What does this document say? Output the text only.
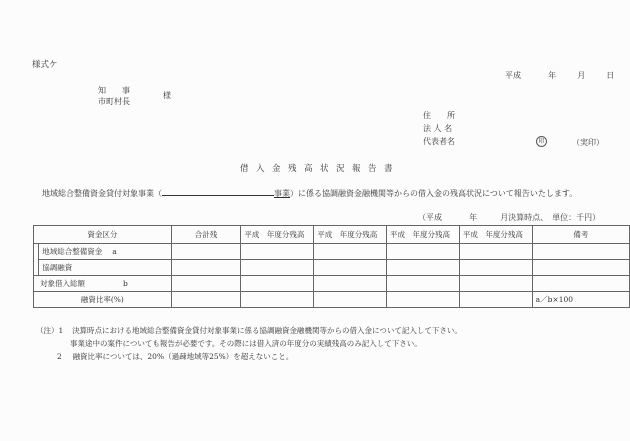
様式ケ
平成	年	月	日
知　　事
市町村長
様
住　　所
法 人 名
代表者名	印	（実印）
借入金残高状況報告書
地域総合整備資金貸付対象事業（	事業）に係る協調融資金融機関等からの借入金の残高状況について報告いたします。
（平成	年	月決算時点、　単位：千円）
資金区分		合計残	平成　年度分残高	平成　年度分残高	平成　年度分残高	平成　年度分残高	備考
	地域総合整備資金 a						
	協調融資						
対象借入総額 b							
融資比率(%)							a／b×100
（注）1 決算時点における地域総合整備資金貸付対象事業に係る協調融資金融機関等からの借入金について記入して下さい。
事業途中の案件についても報告が必要です。その際には借入済の年度分の実績残高のみ記入して下さい。
2 融資比率については、20%（過疎地域等25%）を超えないこと。
